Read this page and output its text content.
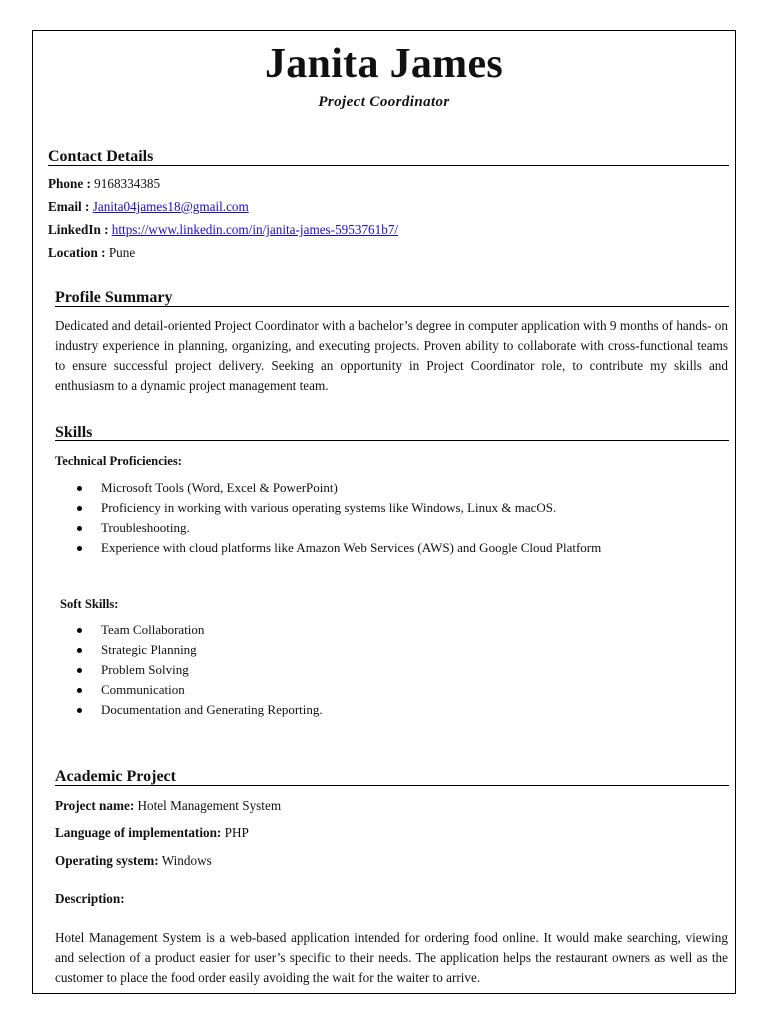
Janita James
Project Coordinator
Contact Details
Phone : 9168334385
Email : Janita04james18@gmail.com
LinkedIn : https://www.linkedin.com/in/janita-james-5953761b7/
Location : Pune
Profile Summary
Dedicated and detail-oriented Project Coordinator with a bachelor’s degree in computer application with 9 months of hands- on industry experience in planning, organizing, and executing projects. Proven ability to collaborate with cross-functional teams to ensure successful project delivery. Seeking an opportunity in Project Coordinator role, to contribute my skills and enthusiasm to a dynamic project management team.
Skills
Technical Proficiencies:
Microsoft Tools (Word, Excel & PowerPoint)
Proficiency in working with various operating systems like Windows, Linux & macOS.
Troubleshooting.
Experience with cloud platforms like Amazon Web Services (AWS) and Google Cloud Platform
Soft Skills:
Team Collaboration
Strategic Planning
Problem Solving
Communication
Documentation and Generating Reporting.
Academic Project
Project name: Hotel Management System
Language of implementation: PHP
Operating system: Windows
Description:
Hotel Management System is a web-based application intended for ordering food online. It would make searching, viewing and selection of a product easier for user’s specific to their needs. The application helps the restaurant owners as well as the customer to place the food order easily avoiding the wait for the waiter to arrive.
